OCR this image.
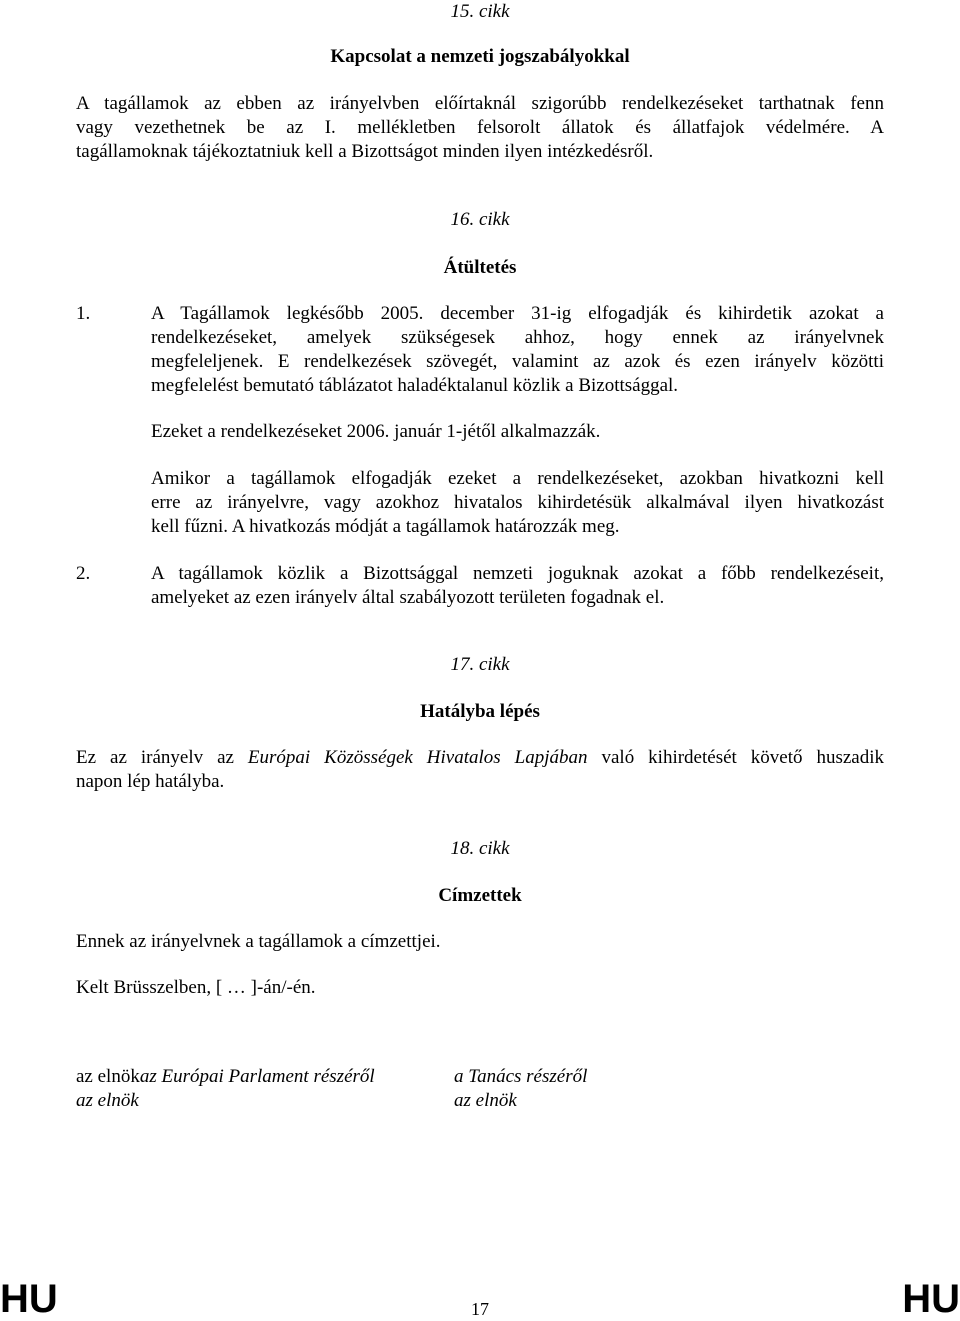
15. cikk
Kapcsolat a nemzeti jogszabályokkal
A tagállamok az ebben az irányelvben előírtaknál szigorúbb rendelkezéseket tarthatnak fenn
vagy vezethetnek be az I. mellékletben felsorolt állatok és állatfajok védelmére. A
tagállamoknak tájékoztatniuk kell a Bizottságot minden ilyen intézkedésről.
16. cikk
Átültetés
1.	A Tagállamok legkésőbb 2005. december 31-ig elfogadják és kihirdetik azokat a
rendelkezéseket, amelyek szükségesek ahhoz, hogy ennek az irányelvnek
megfeleljenek. E rendelkezések szövegét, valamint az azok és ezen irányelv közötti
megfelelést bemutató táblázatot haladéktalanul közlik a Bizottsággal.
Ezeket a rendelkezéseket 2006. január 1-jétől alkalmazzák.
Amikor a tagállamok elfogadják ezeket a rendelkezéseket, azokban hivatkozni kell
erre az irányelvre, vagy azokhoz hivatalos kihirdetésük alkalmával ilyen hivatkozást
kell fűzni. A hivatkozás módját a tagállamok határozzák meg.
2.	A tagállamok közlik a Bizottsággal nemzeti joguknak azokat a főbb rendelkezéseit,
amelyeket az ezen irányelv által szabályozott területen fogadnak el.
17. cikk
Hatályba lépés
Ez az irányelv az Európai Közösségek Hivatalos Lapjában való kihirdetését követő huszadik
napon lép hatályba.
18. cikk
Címzettek
Ennek az irányelvnek a tagállamok a címzettjei.
Kelt Brüsszelben, [ … ]-án/-én.
az elnökaz Európai Parlament részéről
az elnök
a Tanács részéről
az elnök
HU	17	HU
